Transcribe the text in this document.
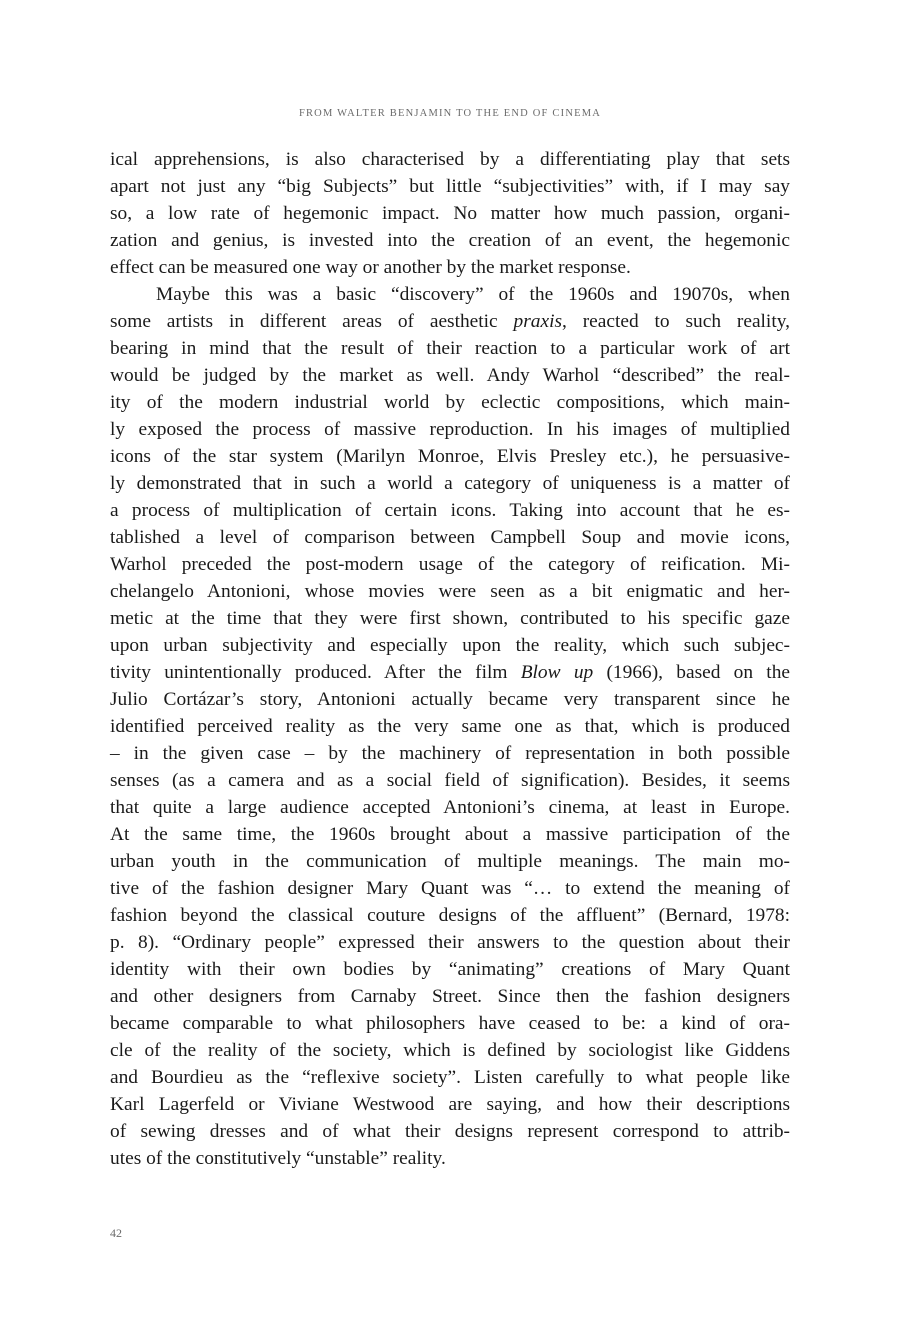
FROM WALTER BENJAMIN TO THE END OF CINEMA
ical apprehensions, is also characterised by a differentiating play that sets
apart not just any “big Subjects” but little “subjectivities” with, if I may say
so, a low rate of hegemonic impact. No matter how much passion, organi-
zation and genius, is invested into the creation of an event, the hegemonic
effect can be measured one way or another by the market response.
Maybe this was a basic “discovery” of the 1960s and 19070s, when
some artists in different areas of aesthetic praxis, reacted to such reality,
bearing in mind that the result of their reaction to a particular work of art
would be judged by the market as well. Andy Warhol “described” the real-
ity of the modern industrial world by eclectic compositions, which main-
ly exposed the process of massive reproduction. In his images of multiplied
icons of the star system (Marilyn Monroe, Elvis Presley etc.), he persuasive-
ly demonstrated that in such a world a category of uniqueness is a matter of
a process of multiplication of certain icons. Taking into account that he es-
tablished a level of comparison between Campbell Soup and movie icons,
Warhol preceded the post-modern usage of the category of reification. Mi-
chelangelo Antonioni, whose movies were seen as a bit enigmatic and her-
metic at the time that they were first shown, contributed to his specific gaze
upon urban subjectivity and especially upon the reality, which such subjec-
tivity unintentionally produced. After the film Blow up (1966), based on the
Julio Cortázar’s story, Antonioni actually became very transparent since he
identified perceived reality as the very same one as that, which is produced
– in the given case – by the machinery of representation in both possible
senses (as a camera and as a social field of signification). Besides, it seems
that quite a large audience accepted Antonioni’s cinema, at least in Europe.
At the same time, the 1960s brought about a massive participation of the
urban youth in the communication of multiple meanings. The main mo-
tive of the fashion designer Mary Quant was “… to extend the meaning of
fashion beyond the classical couture designs of the affluent” (Bernard, 1978:
p. 8). “Ordinary people” expressed their answers to the question about their
identity with their own bodies by “animating” creations of Mary Quant
and other designers from Carnaby Street. Since then the fashion designers
became comparable to what philosophers have ceased to be: a kind of ora-
cle of the reality of the society, which is defined by sociologist like Giddens
and Bourdieu as the “reflexive society”. Listen carefully to what people like
Karl Lagerfeld or Viviane Westwood are saying, and how their descriptions
of sewing dresses and of what their designs represent correspond to attrib-
utes of the constitutively “unstable” reality.
42
